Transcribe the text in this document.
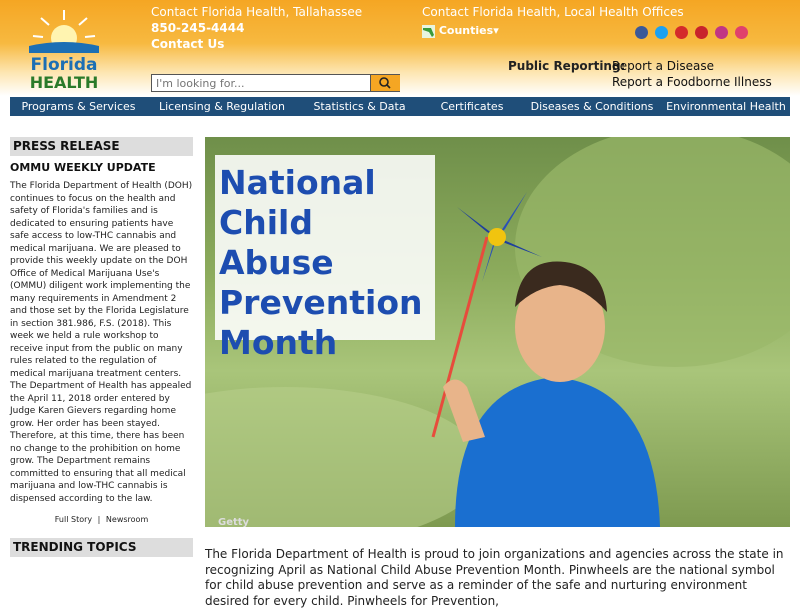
Florida
HEALTH
Contact Florida Health, Tallahassee
850-245-4444
Contact Us
Contact Florida Health, Local Health Offices
Counties▾
I'm looking for...
Public Reporting:
Report a Disease
Report a Foodborne Illness
Programs & Services	Licensing & Regulation	Statistics & Data	Certificates	Diseases & Conditions	Environmental Health
PRESS RELEASE
OMMU WEEKLY UPDATE
The Florida Department of Health (DOH) continues to focus on the health and safety of Florida's families and is dedicated to ensuring patients have safe access to low-THC cannabis and medical marijuana. We are pleased to provide this weekly update on the DOH Office of Medical Marijuana Use's (OMMU) diligent work implementing the many requirements in Amendment 2 and those set by the Florida Legislature in section 381.986, F.S. (2018). This week we held a rule workshop to receive input from the public on many rules related to the regulation of medical marijuana treatment centers. The Department of Health has appealed the April 11, 2018 order entered by Judge Karen Gievers regarding home grow. Her order has been stayed. Therefore, at this time, there has been no change to the prohibition on home grow. The Department remains committed to ensuring that all medical marijuana and low-THC cannabis is dispensed according to the law.
Full Story | Newsroom
TRENDING TOPICS
National Child Abuse Prevention Month
Getty
The Florida Department of Health is proud to join organizations and agencies across the state in recognizing April as National Child Abuse Prevention Month. Pinwheels are the national symbol for child abuse prevention and serve as a reminder of the safe and nurturing environment desired for every child. Pinwheels for Prevention,
